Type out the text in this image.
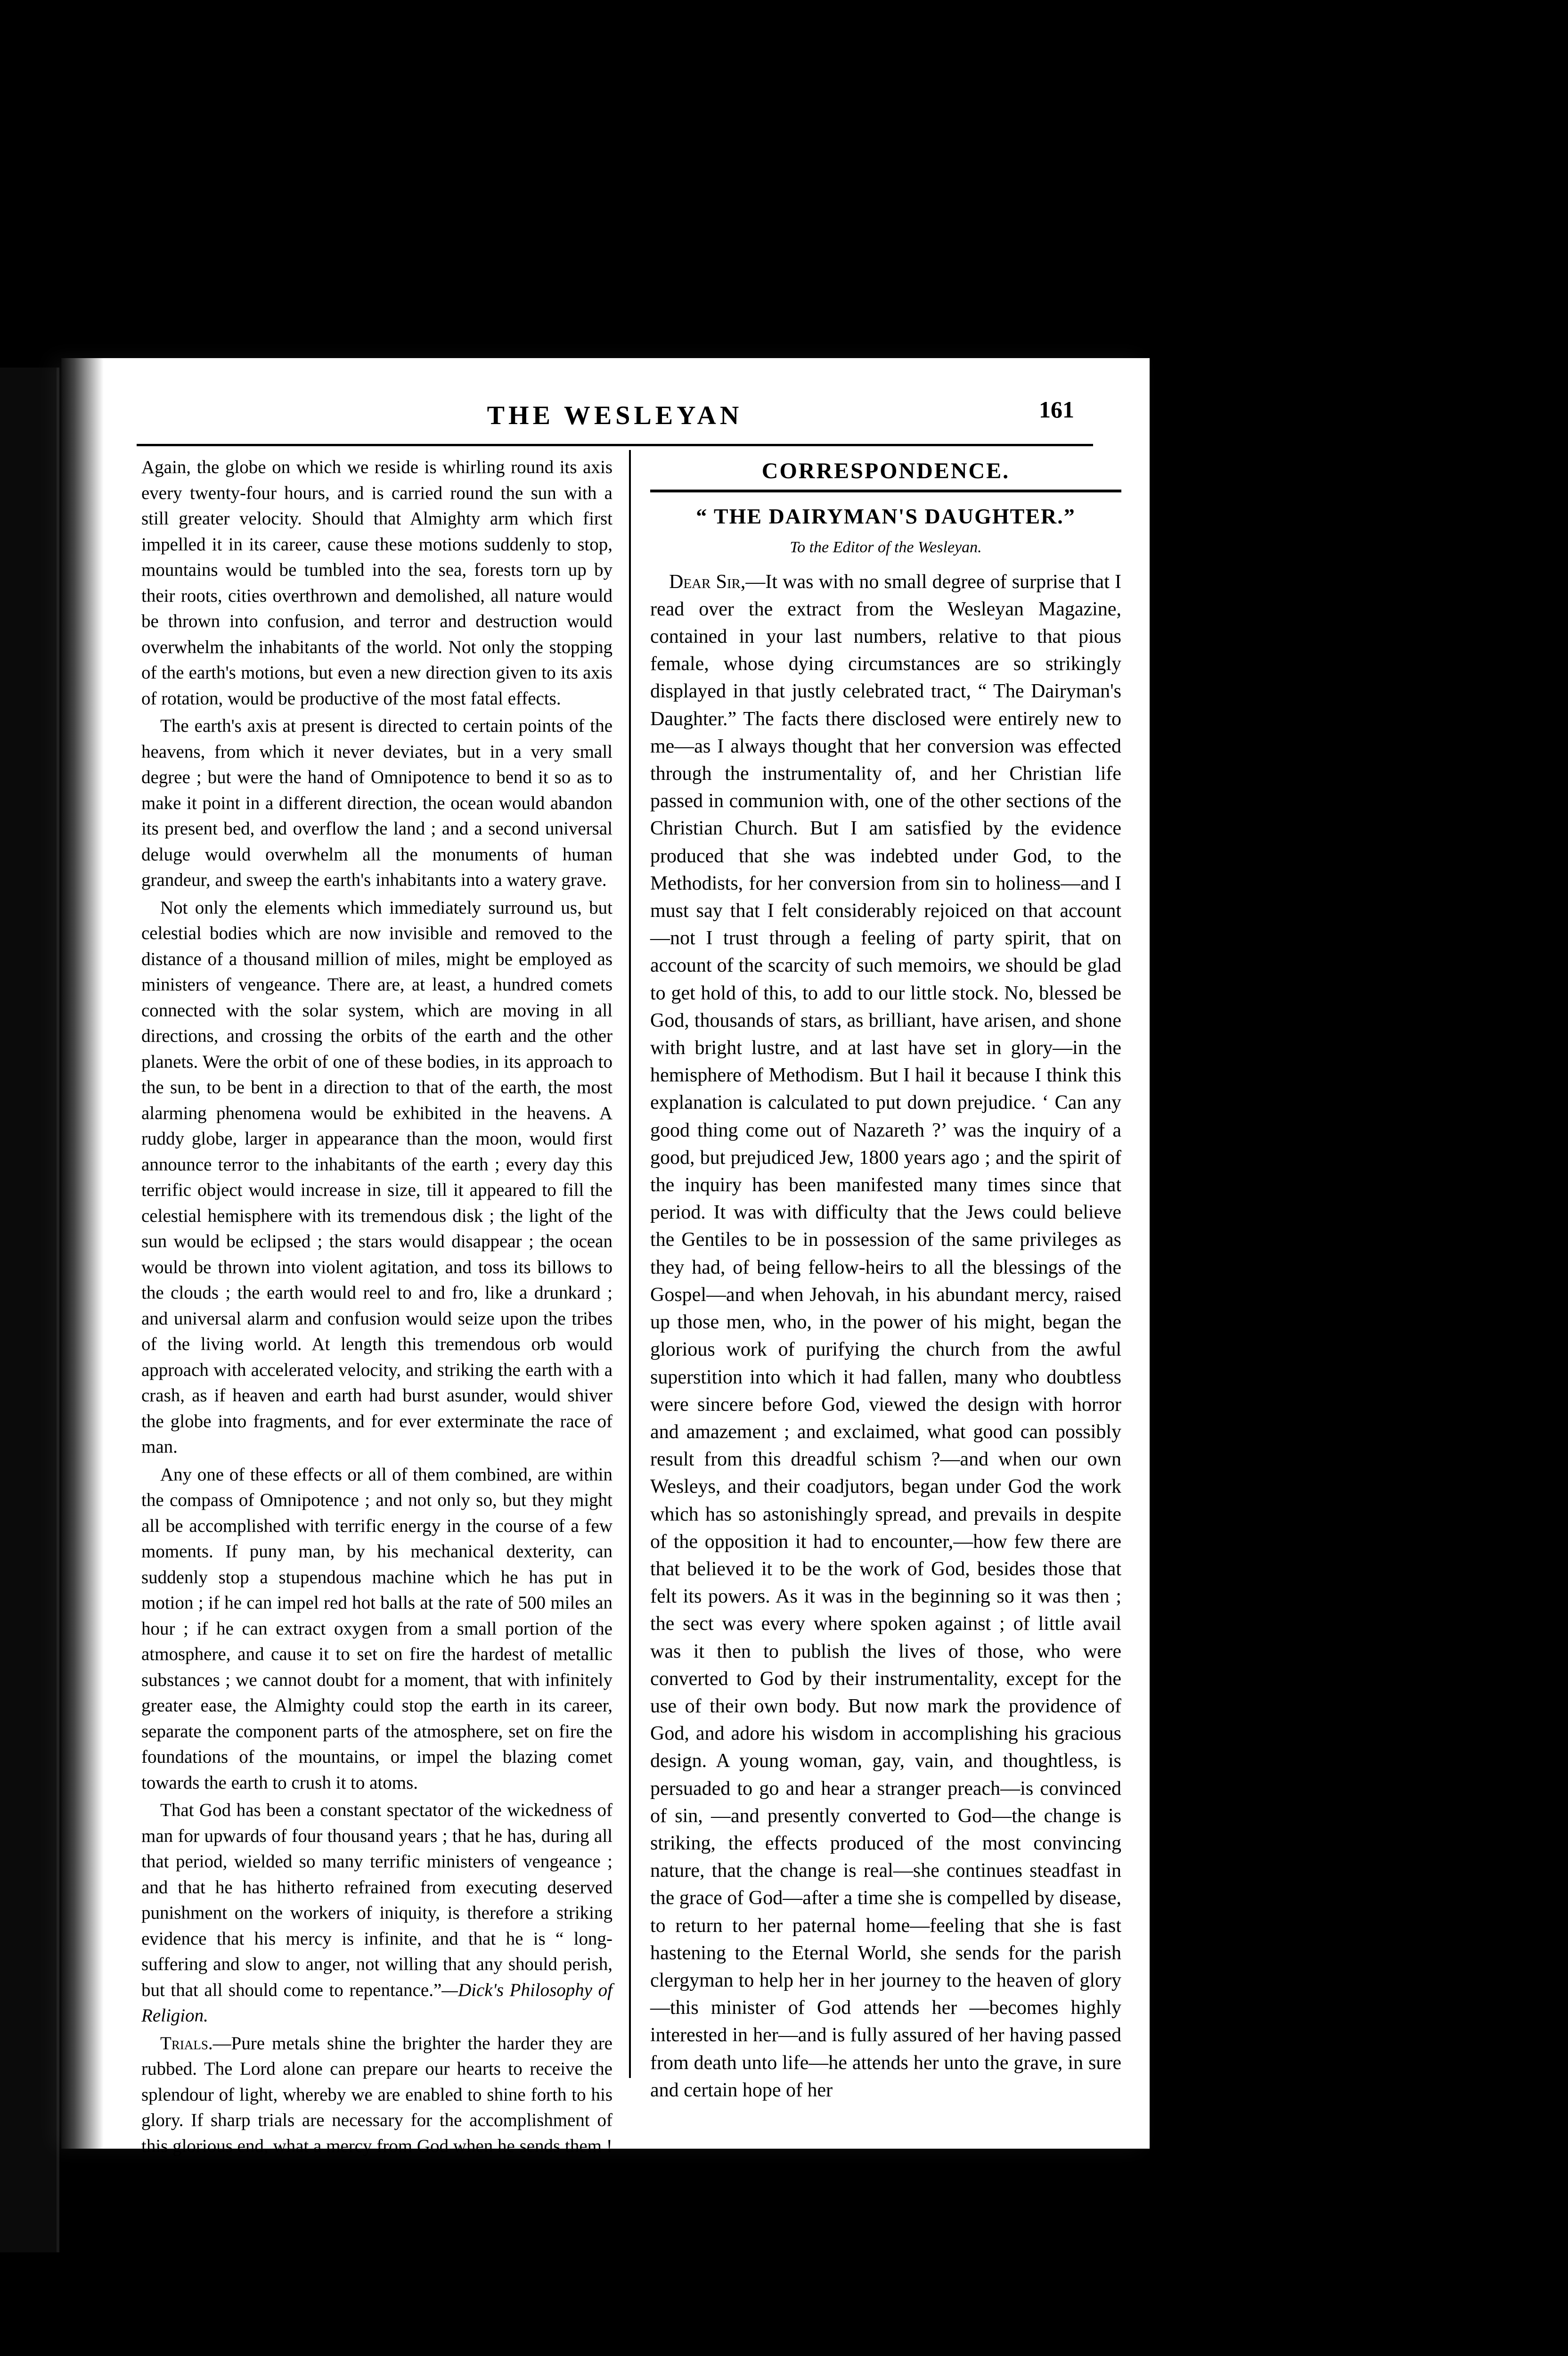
THE WESLEYAN	161

Again, the globe on which we reside is whirling round its axis every twenty-four hours, and is carried round the sun with a still greater velocity. Should that Almighty arm which first impelled it in its career, cause these motions suddenly to stop, mountains would be tumbled into the sea, forests torn up by their roots, cities overthrown and demolished, all nature would be thrown into confusion, and terror and destruction would overwhelm the inhabitants of the world. Not only the stopping of the earth's motions, but even a new direction given to its axis of rotation, would be productive of the most fatal effects.

The earth's axis at present is directed to certain points of the heavens, from which it never deviates, but in a very small degree ; but were the hand of Omnipotence to bend it so as to make it point in a different direction, the ocean would abandon its present bed, and overflow the land ; and a second universal deluge would overwhelm all the monuments of human grandeur, and sweep the earth's inhabitants into a watery grave.

Not only the elements which immediately surround us, but celestial bodies which are now invisible and removed to the distance of a thousand million of miles, might be employed as ministers of vengeance. There are, at least, a hundred comets connected with the solar system, which are moving in all directions, and crossing the orbits of the earth and the other planets. Were the orbit of one of these bodies, in its approach to the sun, to be bent in a direction to that of the earth, the most alarming phenomena would be exhibited in the heavens. A ruddy globe, larger in appearance than the moon, would first announce terror to the inhabitants of the earth ; every day this terrific object would increase in size, till it appeared to fill the celestial hemisphere with its tremendous disk ; the light of the sun would be eclipsed ; the stars would disappear ; the ocean would be thrown into violent agitation, and toss its billows to the clouds ; the earth would reel to and fro, like a drunkard ; and universal alarm and confusion would seize upon the tribes of the living world. At length this tremendous orb would approach with accelerated velocity, and striking the earth with a crash, as if heaven and earth had burst asunder, would shiver the globe into fragments, and for ever exterminate the race of man.

Any one of these effects or all of them combined, are within the compass of Omnipotence ; and not only so, but they might all be accomplished with terrific energy in the course of a few moments. If puny man, by his mechanical dexterity, can suddenly stop a stupendous machine which he has put in motion ; if he can impel red hot balls at the rate of 500 miles an hour ; if he can extract oxygen from a small portion of the atmosphere, and cause it to set on fire the hardest of metallic substances ; we cannot doubt for a moment, that with infinitely greater ease, the Almighty could stop the earth in its career, separate the component parts of the atmosphere, set on fire the foundations of the mountains, or impel the blazing comet towards the earth to crush it to atoms.

That God has been a constant spectator of the wickedness of man for upwards of four thousand years ; that he has, during all that period, wielded so many terrific ministers of vengeance ; and that he has hitherto refrained from executing deserved punishment on the workers of iniquity, is therefore a striking evidence that his mercy is infinite, and that he is “ long-suffering and slow to anger, not willing that any should perish, but that all should come to repentance.”—Dick's Philosophy of Religion.

Trials.—Pure metals shine the brighter the harder they are rubbed. The Lord alone can prepare our hearts to receive the splendour of light, whereby we are enabled to shine forth to his glory. If sharp trials are necessary for the accomplishment of this glorious end, what a mercy from God when he sends them !

CORRESPONDENCE.
“ THE DAIRYMAN'S DAUGHTER.”
To the Editor of the Wesleyan.

Dear Sir,—It was with no small degree of surprise that I read over the extract from the Wesleyan Magazine, contained in your last numbers, relative to that pious female, whose dying circumstances are so strikingly displayed in that justly celebrated tract, “ The Dairyman's Daughter.” The facts there disclosed were entirely new to me—as I always thought that her conversion was effected through the instrumentality of, and her Christian life passed in communion with, one of the other sections of the Christian Church. But I am satisfied by the evidence produced that she was indebted under God, to the Methodists, for her conversion from sin to holiness—and I must say that I felt considerably rejoiced on that account —not I trust through a feeling of party spirit, that on account of the scarcity of such memoirs, we should be glad to get hold of this, to add to our little stock. No, blessed be God, thousands of stars, as brilliant, have arisen, and shone with bright lustre, and at last have set in glory—in the hemisphere of Methodism. But I hail it because I think this explanation is calculated to put down prejudice. ‘ Can any good thing come out of Nazareth ?’ was the inquiry of a good, but prejudiced Jew, 1800 years ago ; and the spirit of the inquiry has been manifested many times since that period. It was with difficulty that the Jews could believe the Gentiles to be in possession of the same privileges as they had, of being fellow-heirs to all the blessings of the Gospel—and when Jehovah, in his abundant mercy, raised up those men, who, in the power of his might, began the glorious work of purifying the church from the awful superstition into which it had fallen, many who doubtless were sincere before God, viewed the design with horror and amazement ; and exclaimed, what good can possibly result from this dreadful schism ?—and when our own Wesleys, and their coadjutors, began under God the work which has so astonishingly spread, and prevails in despite of the opposition it had to encounter,—how few there are that believed it to be the work of God, besides those that felt its powers. As it was in the beginning so it was then ; the sect was every where spoken against ; of little avail was it then to publish the lives of those, who were converted to God by their instrumentality, except for the use of their own body. But now mark the providence of God, and adore his wisdom in accomplishing his gracious design. A young woman, gay, vain, and thoughtless, is persuaded to go and hear a stranger preach—is convinced of sin, —and presently converted to God—the change is striking, the effects produced of the most convincing nature, that the change is real—she continues steadfast in the grace of God—after a time she is compelled by disease, to return to her paternal home—feeling that she is fast hastening to the Eternal World, she sends for the parish clergyman to help her in her journey to the heaven of glory—this minister of God attends her —becomes highly interested in her—and is fully assured of her having passed from death unto life—he attends her unto the grave, in sure and certain hope of her
